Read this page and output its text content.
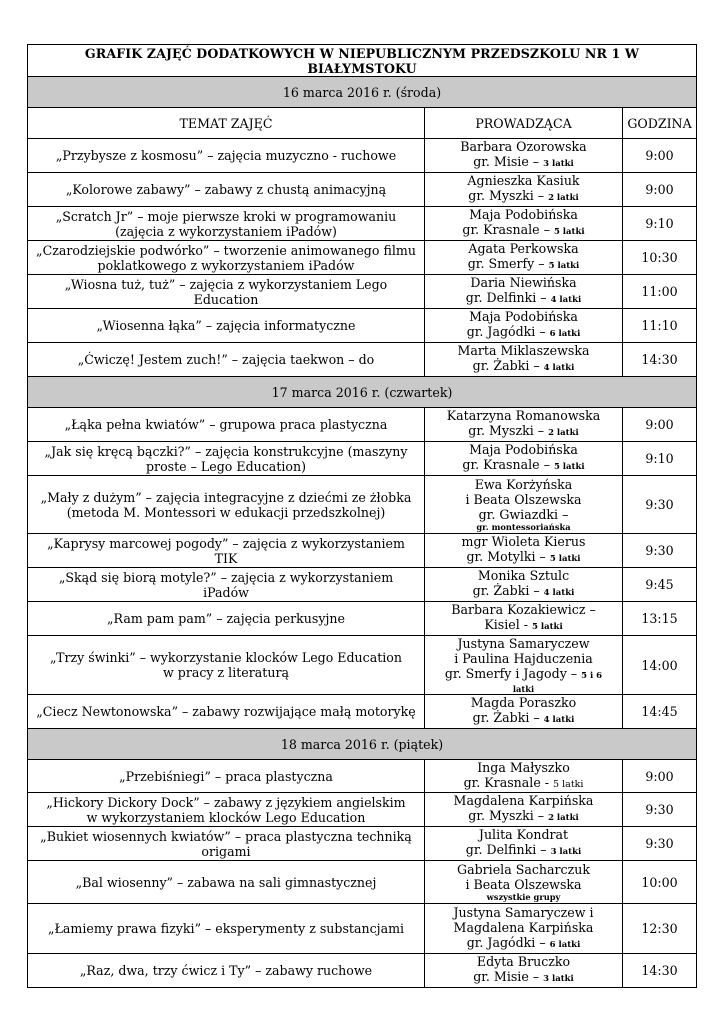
GRAFIK ZAJĘĆ DODATKOWYCH W NIEPUBLICZNYM PRZEDSZKOLU NR 1 W BIAŁYMSTOKU		
16 marca 2016 r. (środa)		
TEMAT ZAJĘĆ	PROWADZĄCA	GODZINA

„Przybysze z kosmosu” – zajęcia muzyczno - ruchowe	Barbara Ozorowska
gr. Misie – 3 latki	9:00

„Kolorowe zabawy” – zabawy z chustą animacyjną	Agnieszka Kasiuk
gr. Myszki – 2 latki	9:00

„Scratch Jr” – moje pierwsze kroki w programowaniu
(zajęcia z wykorzystaniem iPadów)	Maja Podobińska
gr. Krasnale – 5 latki	9:10

„Czarodziejskie podwórko” – tworzenie animowanego filmu
poklatkowego z wykorzystaniem iPadów	Agata Perkowska
gr. Smerfy – 5 latki	10:30

„Wiosna tuż, tuż” – zajęcia z wykorzystaniem Lego
Education	Daria Niewińska
gr. Delfinki – 4 latki	11:00

„Wiosenna łąka” – zajęcia informatyczne	Maja Podobińska
gr. Jagódki – 6 latki	11:10

„Ćwiczę! Jestem zuch!” – zajęcia taekwon – do	Marta Miklaszewska
gr. Żabki – 4 latki	14:30
17 marca 2016 r. (czwartek)		

„Łąka pełna kwiatów” – grupowa praca plastyczna	Katarzyna Romanowska
gr. Myszki – 2 latki	9:00

„Jak się kręcą bączki?” – zajęcia konstrukcyjne (maszyny
proste – Lego Education)	Maja Podobińska
gr. Krasnale – 5 latki	9:10

„Mały z dużym” – zajęcia integracyjne z dziećmi ze żłobka
(metoda M. Montessori w edukacji przedszkolnej)	Ewa Korżyńska
i Beata Olszewska
gr. Gwiazdki –
gr. montessoriańska	9:30

„Kaprysy marcowej pogody” – zajęcia z wykorzystaniem
TIK	mgr Wioleta Kierus
gr. Motylki – 5 latki	9:30

„Skąd się biorą motyle?” – zajęcia z wykorzystaniem
iPadów	Monika Sztulc
gr. Żabki – 4 latki	9:45

„Ram pam pam” – zajęcia perkusyjne	Barbara Kozakiewicz –
Kisiel - 5 latki	13:15

„Trzy świnki” – wykorzystanie klocków Lego Education
w pracy z literaturą	Justyna Samaryczew
i Paulina Hajduczenia
gr. Smerfy i Jagody – 5 i 6
latki	14:00

„Ciecz Newtonowska” – zabawy rozwijające małą motorykę	Magda Poraszko
gr. Żabki – 4 latki	14:45
18 marca 2016 r. (piątek)		

„Przebiśniegi” – praca plastyczna	Inga Małyszko
gr. Krasnale - 5 latki	9:00

„Hickory Dickory Dock” – zabawy z językiem angielskim
w wykorzystaniem klocków Lego Education	Magdalena Karpińska
gr. Myszki – 2 latki	9:30

„Bukiet wiosennych kwiatów” – praca plastyczna techniką
origami	Julita Kondrat
gr. Delfinki – 3 latki	9:30

„Bal wiosenny” – zabawa na sali gimnastycznej	Gabriela Sacharczuk
i Beata Olszewska
wszystkie grupy	10:00

„Łamiemy prawa fizyki” – eksperymenty z substancjami	Justyna Samaryczew i
Magdalena Karpińska
gr. Jagódki – 6 latki	12:30

„Raz, dwa, trzy ćwicz i Ty” – zabawy ruchowe	Edyta Bruczko
gr. Misie – 3 latki	14:30
